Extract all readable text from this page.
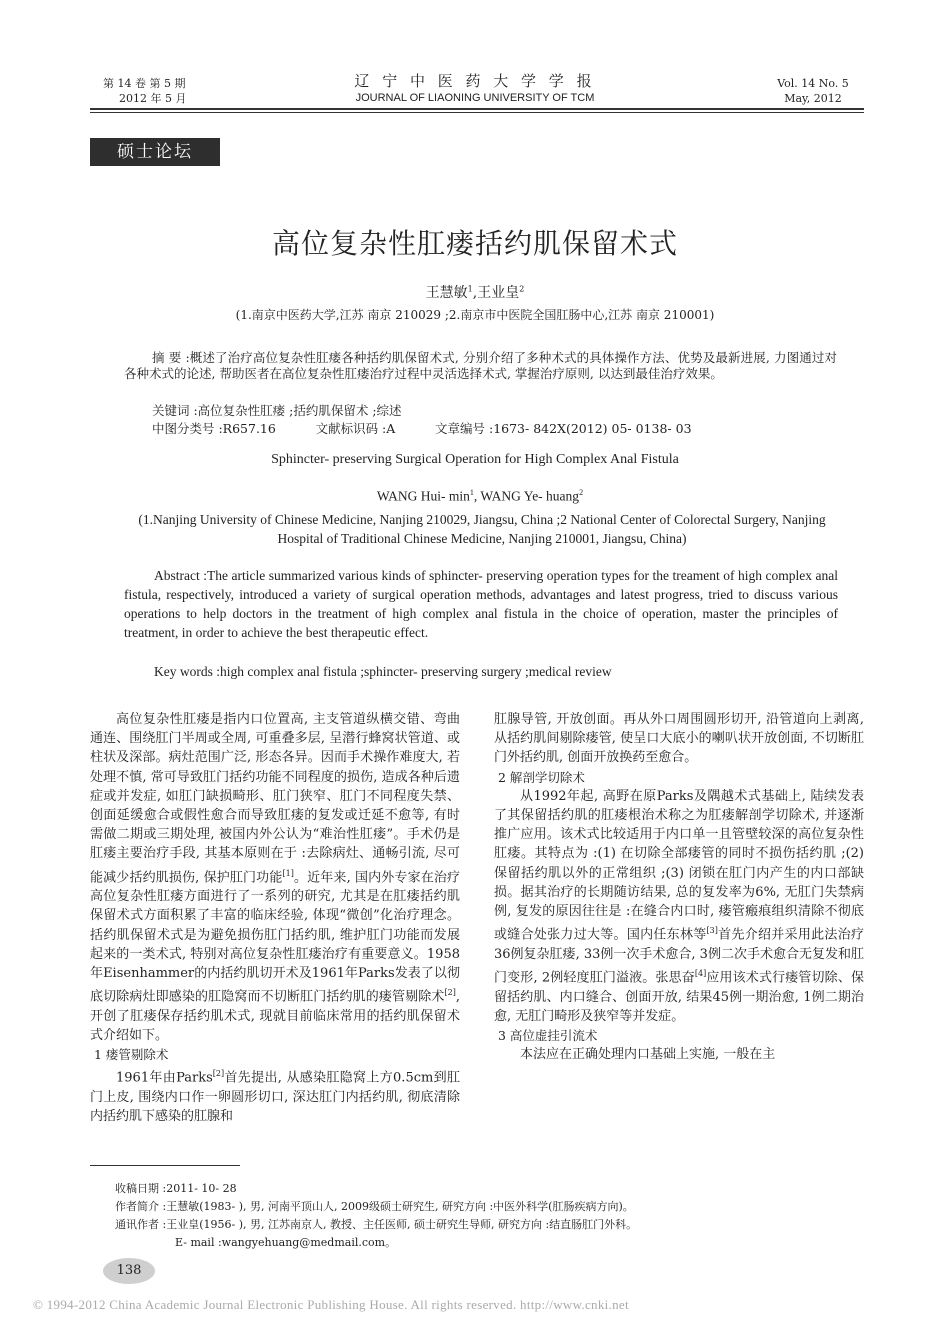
第 14 卷 第 5 期
2012 年 5 月
辽 宁 中 医 药 大 学 学 报
JOURNAL OF LIAONING UNIVERSITY OF TCM
Vol. 14 No. 5
May, 2012
硕士论坛
高位复杂性肛瘘括约肌保留术式
王慧敏$^1$,王业皇$^2$
(1.南京中医药大学,江苏 南京 210029 ;2.南京市中医院全国肛肠中心,江苏 南京 210001)
摘 要 :概述了治疗高位复杂性肛瘘各种括约肌保留术式, 分别介绍了多种术式的具体操作方法、优势及最新进展, 力图通过对各种术式的论述, 帮助医者在高位复杂性肛瘘治疗过程中灵活选择术式, 掌握治疗原则, 以达到最佳治疗效果。
关键词 :高位复杂性肛瘘 ;括约肌保留术 ;综述
中图分类号 :R657.16          文献标识码 :A          文章编号 :1673- 842X(2012) 05- 0138- 03
Sphincter- preserving Surgical Operation for High Complex Anal Fistula
WANG Hui- $\min^1$, WANG Ye- huang$^2$
(1.Nanjing University of Chinese Medicine, Nanjing 210029, Jiangsu, China ;2 National Center of Colorectal Surgery, Nanjing Hospital of Traditional Chinese Medicine, Nanjing 210001, Jiangsu, China)
Abstract :The article summarized various kinds of sphincter- preserving operation types for the treament of high complex anal fistula, respectively, introduced a variety of surgical operation methods, advantages and latest progress, tried to discuss various operations to help doctors in the treatment of high complex anal fistula in the choice of operation, master the principles of treatment, in order to achieve the best therapeutic effect.
Key words :high complex anal fistula ;sphincter- preserving surgery ;medical review

高位复杂性肛瘘是指内口位置高, 主支管道纵横交错、弯曲通连、围绕肛门半周或全周, 可重叠多层, 呈潜行蜂窝状管道、或柱状及深部。病灶范围广泛, 形态各异。因而手术操作难度大, 若处理不慎, 常可导致肛门括约功能不同程度的损伤, 造成各种后遗症或并发症, 如肛门缺损畸形、肛门狭窄、肛门不同程度失禁、创面延缓愈合或假性愈合而导致肛瘘的复发或迁延不愈等, 有时需做二期或三期处理, 被国内外公认为“难治性肛瘘”。手术仍是肛瘘主要治疗手段, 其基本原则在于 :去除病灶、通畅引流, 尽可能减少括约肌损伤, 保护肛门功能[1]。近年来, 国内外专家在治疗高位复杂性肛瘘方面进行了一系列的研究, 尤其是在肛瘘括约肌保留术式方面积累了丰富的临床经验, 体现“微创”化治疗理念。括约肌保留术式是为避免损伤肛门括约肌, 维护肛门功能而发展起来的一类术式, 特别对高位复杂性肛瘘治疗有重要意义。1958 年Eisenhammer的内括约肌切开术及1961年Parks发表了以彻底切除病灶即感染的肛隐窝而不切断肛门括约肌的瘘管剔除术[2], 开创了肛瘘保存括约肌术式, 现就目前临床常用的括约肌保留术式介绍如下。

1 瘘管剔除术

1961年由Parks[2]首先提出, 从感染肛隐窝上方0.5cm到肛门上皮, 围绕内口作一卵圆形切口, 深达肛门内括约肌, 彻底清除内括约肌下感染的肛腺和

肛腺导管, 开放创面。再从外口周围圆形切开, 沿管道向上剥离, 从括约肌间剔除瘘管, 使呈口大底小的喇叭状开放创面, 不切断肛门外括约肌, 创面开放换药至愈合。

2 解剖学切除术

从1992年起, 高野在原Parks及隅越术式基础上, 陆续发表了其保留括约肌的肛瘘根治术称之为肛瘘解剖学切除术, 并逐渐推广应用。该术式比较适用于内口单一且管壁较深的高位复杂性肛瘘。其特点为 :(1) 在切除全部瘘管的同时不损伤括约肌 ;(2) 保留括约肌以外的正常组织 ;(3) 闭锁在肛门内产生的内口部缺损。据其治疗的长期随访结果, 总的复发率为6%, 无肛门失禁病例, 复发的原因往往是 :在缝合内口时, 瘘管瘢痕组织清除不彻底或缝合处张力过大等。国内任东林等[3]首先介绍并采用此法治疗36例复杂肛瘘, 33例一次手术愈合, 3例二次手术愈合无复发和肛门变形, 2例轻度肛门溢液。张思奋[4]应用该术式行瘘管切除、保留括约肌、内口缝合、创面开放, 结果45例一期治愈, 1例二期治愈, 无肛门畸形及狭窄等并发症。

3 高位虚挂引流术

本法应在正确处理内口基础上实施, 一般在主

收稿日期 :2011- 10- 28
作者简介 :王慧敏(1983- ), 男, 河南平顶山人, 2009级硕士研究生, 研究方向 :中医外科学(肛肠疾病方向)。
通讯作者 :王业皇(1956- ), 男, 江苏南京人, 教授、主任医师, 硕士研究生导师, 研究方向 :结直肠肛门外科。
E- mail :wangyehuang@medmail.com。
138
© 1994-2012 China Academic Journal Electronic Publishing House. All rights reserved. http://www.cnki.net
